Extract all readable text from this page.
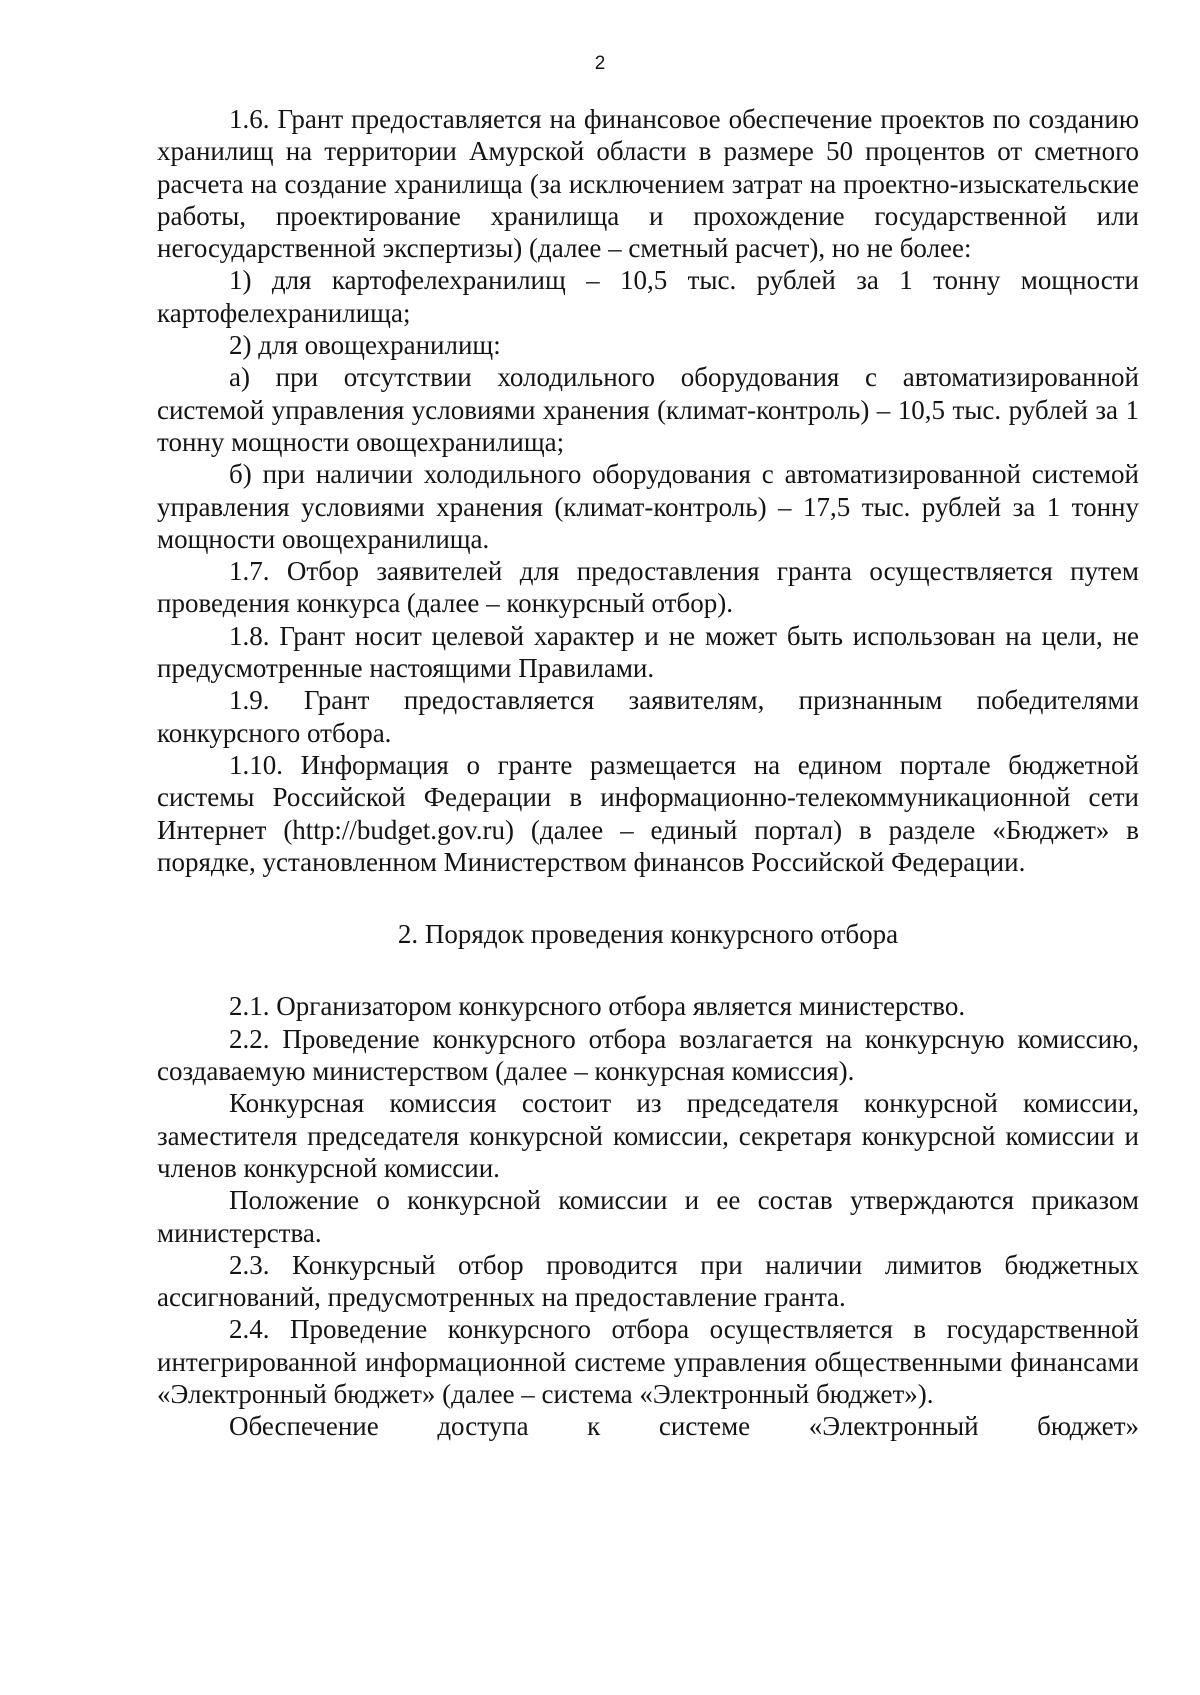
2

1.6. Грант предоставляется на финансовое обеспечение проектов по созданию хранилищ на территории Амурской области в размере 50 процентов от сметного расчета на создание хранилища (за исключением затрат на проектно-изыскательские работы, проектирование хранилища и прохождение государственной или негосударственной экспертизы) (далее – сметный расчет), но не более:

1) для картофелехранилищ – 10,5 тыс. рублей за 1 тонну мощности картофелехранилища;

2) для овощехранилищ:

а) при отсутствии холодильного оборудования с автоматизированной системой управления условиями хранения (климат-контроль) – 10,5 тыс. рублей за 1 тонну мощности овощехранилища;

б) при наличии холодильного оборудования с автоматизированной системой управления условиями хранения (климат-контроль) – 17,5 тыс. рублей за 1 тонну мощности овощехранилища.

1.7. Отбор заявителей для предоставления гранта осуществляется путем проведения конкурса (далее – конкурсный отбор).

1.8. Грант носит целевой характер и не может быть использован на цели, не предусмотренные настоящими Правилами.

1.9. Грант предоставляется заявителям, признанным победителями конкурсного отбора.

1.10. Информация о гранте размещается на едином портале бюджетной системы Российской Федерации в информационно-телекоммуникационной сети Интернет (http://budget.gov.ru) (далее – единый портал) в разделе «Бюджет» в порядке, установленном Министерством финансов Российской Федерации.

2. Порядок проведения конкурсного отбора

2.1. Организатором конкурсного отбора является министерство.

2.2. Проведение конкурсного отбора возлагается на конкурсную комиссию, создаваемую министерством (далее – конкурсная комиссия).

Конкурсная комиссия состоит из председателя конкурсной комиссии, заместителя председателя конкурсной комиссии, секретаря конкурсной комиссии и членов конкурсной комиссии.

Положение о конкурсной комиссии и ее состав утверждаются приказом министерства.

2.3. Конкурсный отбор проводится при наличии лимитов бюджетных ассигнований, предусмотренных на предоставление гранта.

2.4. Проведение конкурсного отбора осуществляется в государственной интегрированной информационной системе управления общественными финансами «Электронный бюджет» (далее – система «Электронный бюджет»).

Обеспечение доступа к системе «Электронный бюджет»
